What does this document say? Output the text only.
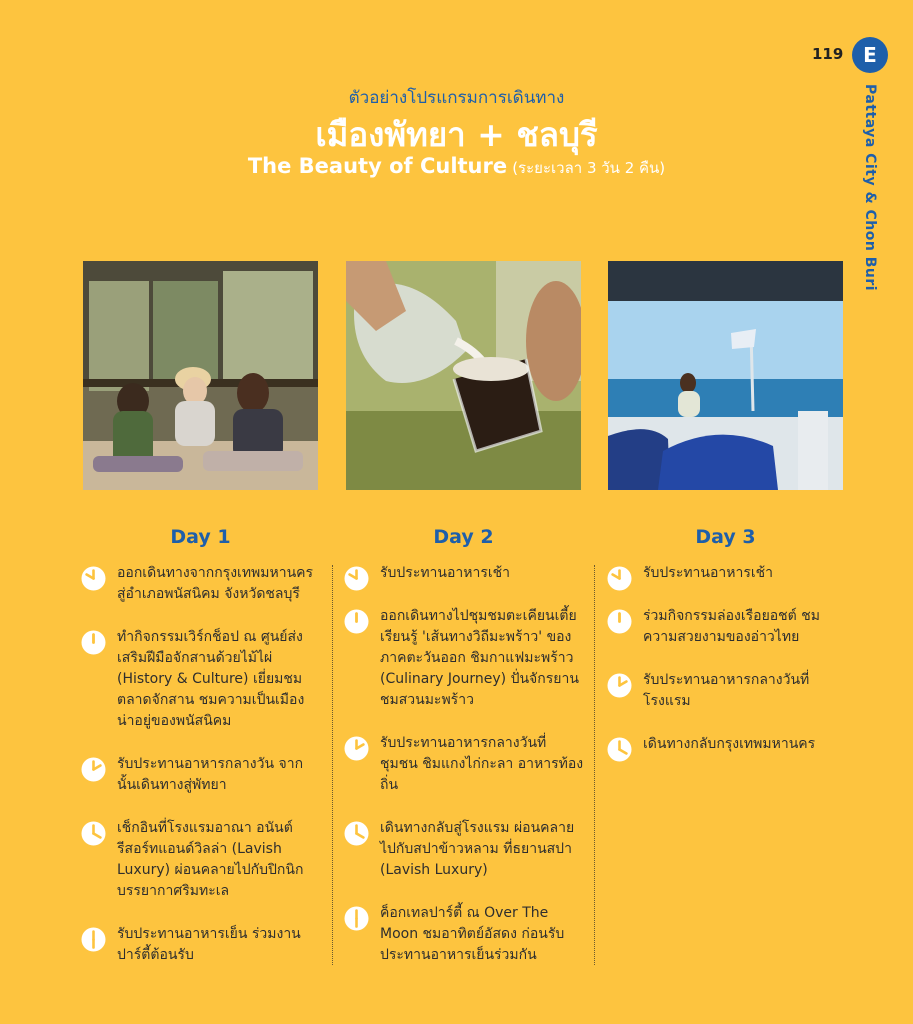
119 E
Pattaya City & Chon Buri
ตัวอย่างโปรแกรมการเดินทาง
เมืองพัทยา + ชลบุรี
The Beauty of Culture (ระยะเวลา 3 วัน 2 คืน)
Day 1	Day 2	Day 3
ออกเดินทางจากกรุงเทพมหานคร สู่อำเภอพนัสนิคม จังหวัดชลบุรี
ทำกิจกรรมเวิร์กช็อป ณ ศูนย์ส่งเสริมฝีมือจักสานด้วยไม้ไผ่ (History & Culture) เยี่ยมชมตลาดจักสาน ชมความเป็นเมืองน่าอยู่ของพนัสนิคม
รับประทานอาหารกลางวัน จากนั้นเดินทางสู่พัทยา
เช็กอินที่โรงแรมอาณา อนันต์ รีสอร์ทแอนด์วิลล่า (Lavish Luxury) ผ่อนคลายไปกับปิกนิกบรรยากาศริมทะเล
รับประทานอาหารเย็น ร่วมงานปาร์ตี้ต้อนรับ
รับประทานอาหารเช้า
ออกเดินทางไปชุมชมตะเคียนเตี้ย เรียนรู้ 'เส้นทางวิถีมะพร้าว' ของภาคตะวันออก ชิมกาแฟมะพร้าว (Culinary Journey) ปั่นจักรยานชมสวนมะพร้าว
รับประทานอาหารกลางวันที่ชุมชน ชิมแกงไก่กะลา อาหารท้องถิ่น
เดินทางกลับสู่โรงแรม ผ่อนคลายไปกับสปาข้าวหลาม ที่ธยานสปา (Lavish Luxury)
ค็อกเทลปาร์ตี้ ณ Over The Moon ชมอาทิตย์อัสดง ก่อนรับประทานอาหารเย็นร่วมกัน
รับประทานอาหารเช้า
ร่วมกิจกรรมล่องเรือยอชต์ ชมความสวยงามของอ่าวไทย
รับประทานอาหารกลางวันที่โรงแรม
เดินทางกลับกรุงเทพมหานคร
